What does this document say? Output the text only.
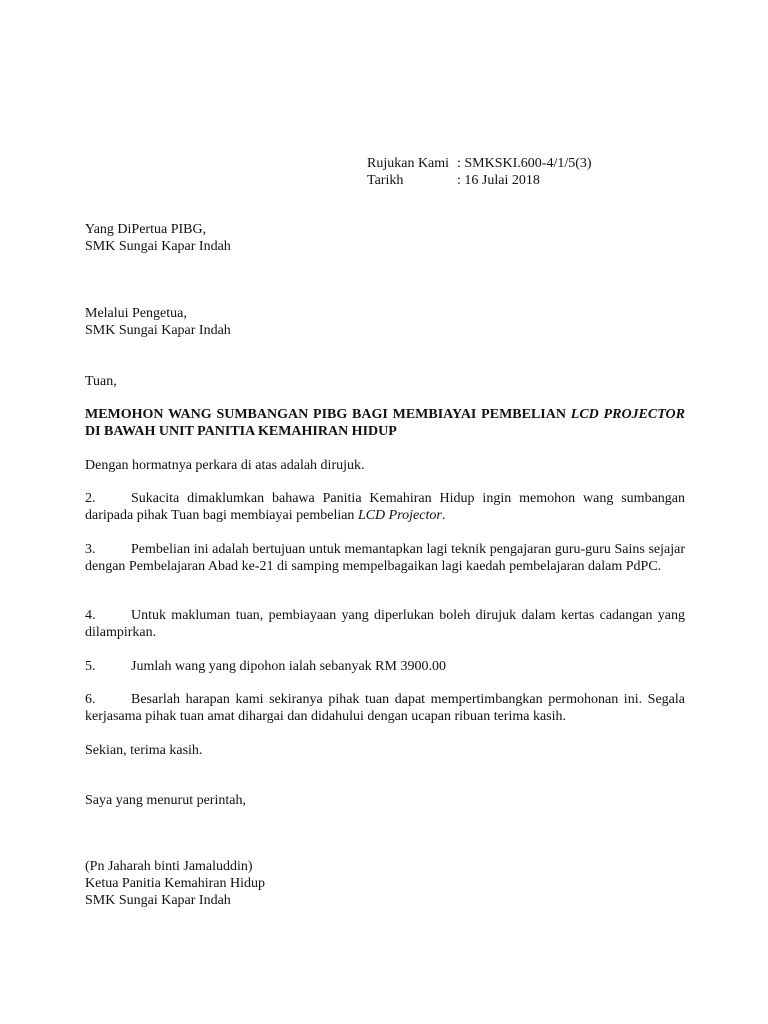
Rujukan Kami : SMKSKI.600-4/1/5(3)
Tarikh	: 16 Julai 2018
Yang DiPertua PIBG,
SMK Sungai Kapar Indah
Melalui Pengetua,
SMK Sungai Kapar Indah
Tuan,
MEMOHON WANG SUMBANGAN PIBG BAGI MEMBIAYAI PEMBELIAN LCD PROJECTOR DI BAWAH UNIT PANITIA KEMAHIRAN HIDUP
Dengan hormatnya perkara di atas adalah dirujuk.
2.	Sukacita dimaklumkan bahawa Panitia Kemahiran Hidup ingin memohon wang sumbangan daripada pihak Tuan bagi membiayai pembelian LCD Projector.
3.	Pembelian ini adalah bertujuan untuk memantapkan lagi teknik pengajaran guru-guru Sains sejajar dengan Pembelajaran Abad ke-21 di samping mempelbagaikan lagi kaedah pembelajaran dalam PdPC.
4.	Untuk makluman tuan, pembiayaan yang diperlukan boleh dirujuk dalam kertas cadangan yang dilampirkan.
5.	Jumlah wang yang dipohon ialah sebanyak RM 3900.00
6.	Besarlah harapan kami sekiranya pihak tuan dapat mempertimbangkan permohonan ini. Segala kerjasama pihak tuan amat dihargai dan didahului dengan ucapan ribuan terima kasih.
Sekian, terima kasih.
Saya yang menurut perintah,
(Pn Jaharah binti Jamaluddin)
Ketua Panitia Kemahiran Hidup
SMK Sungai Kapar Indah
